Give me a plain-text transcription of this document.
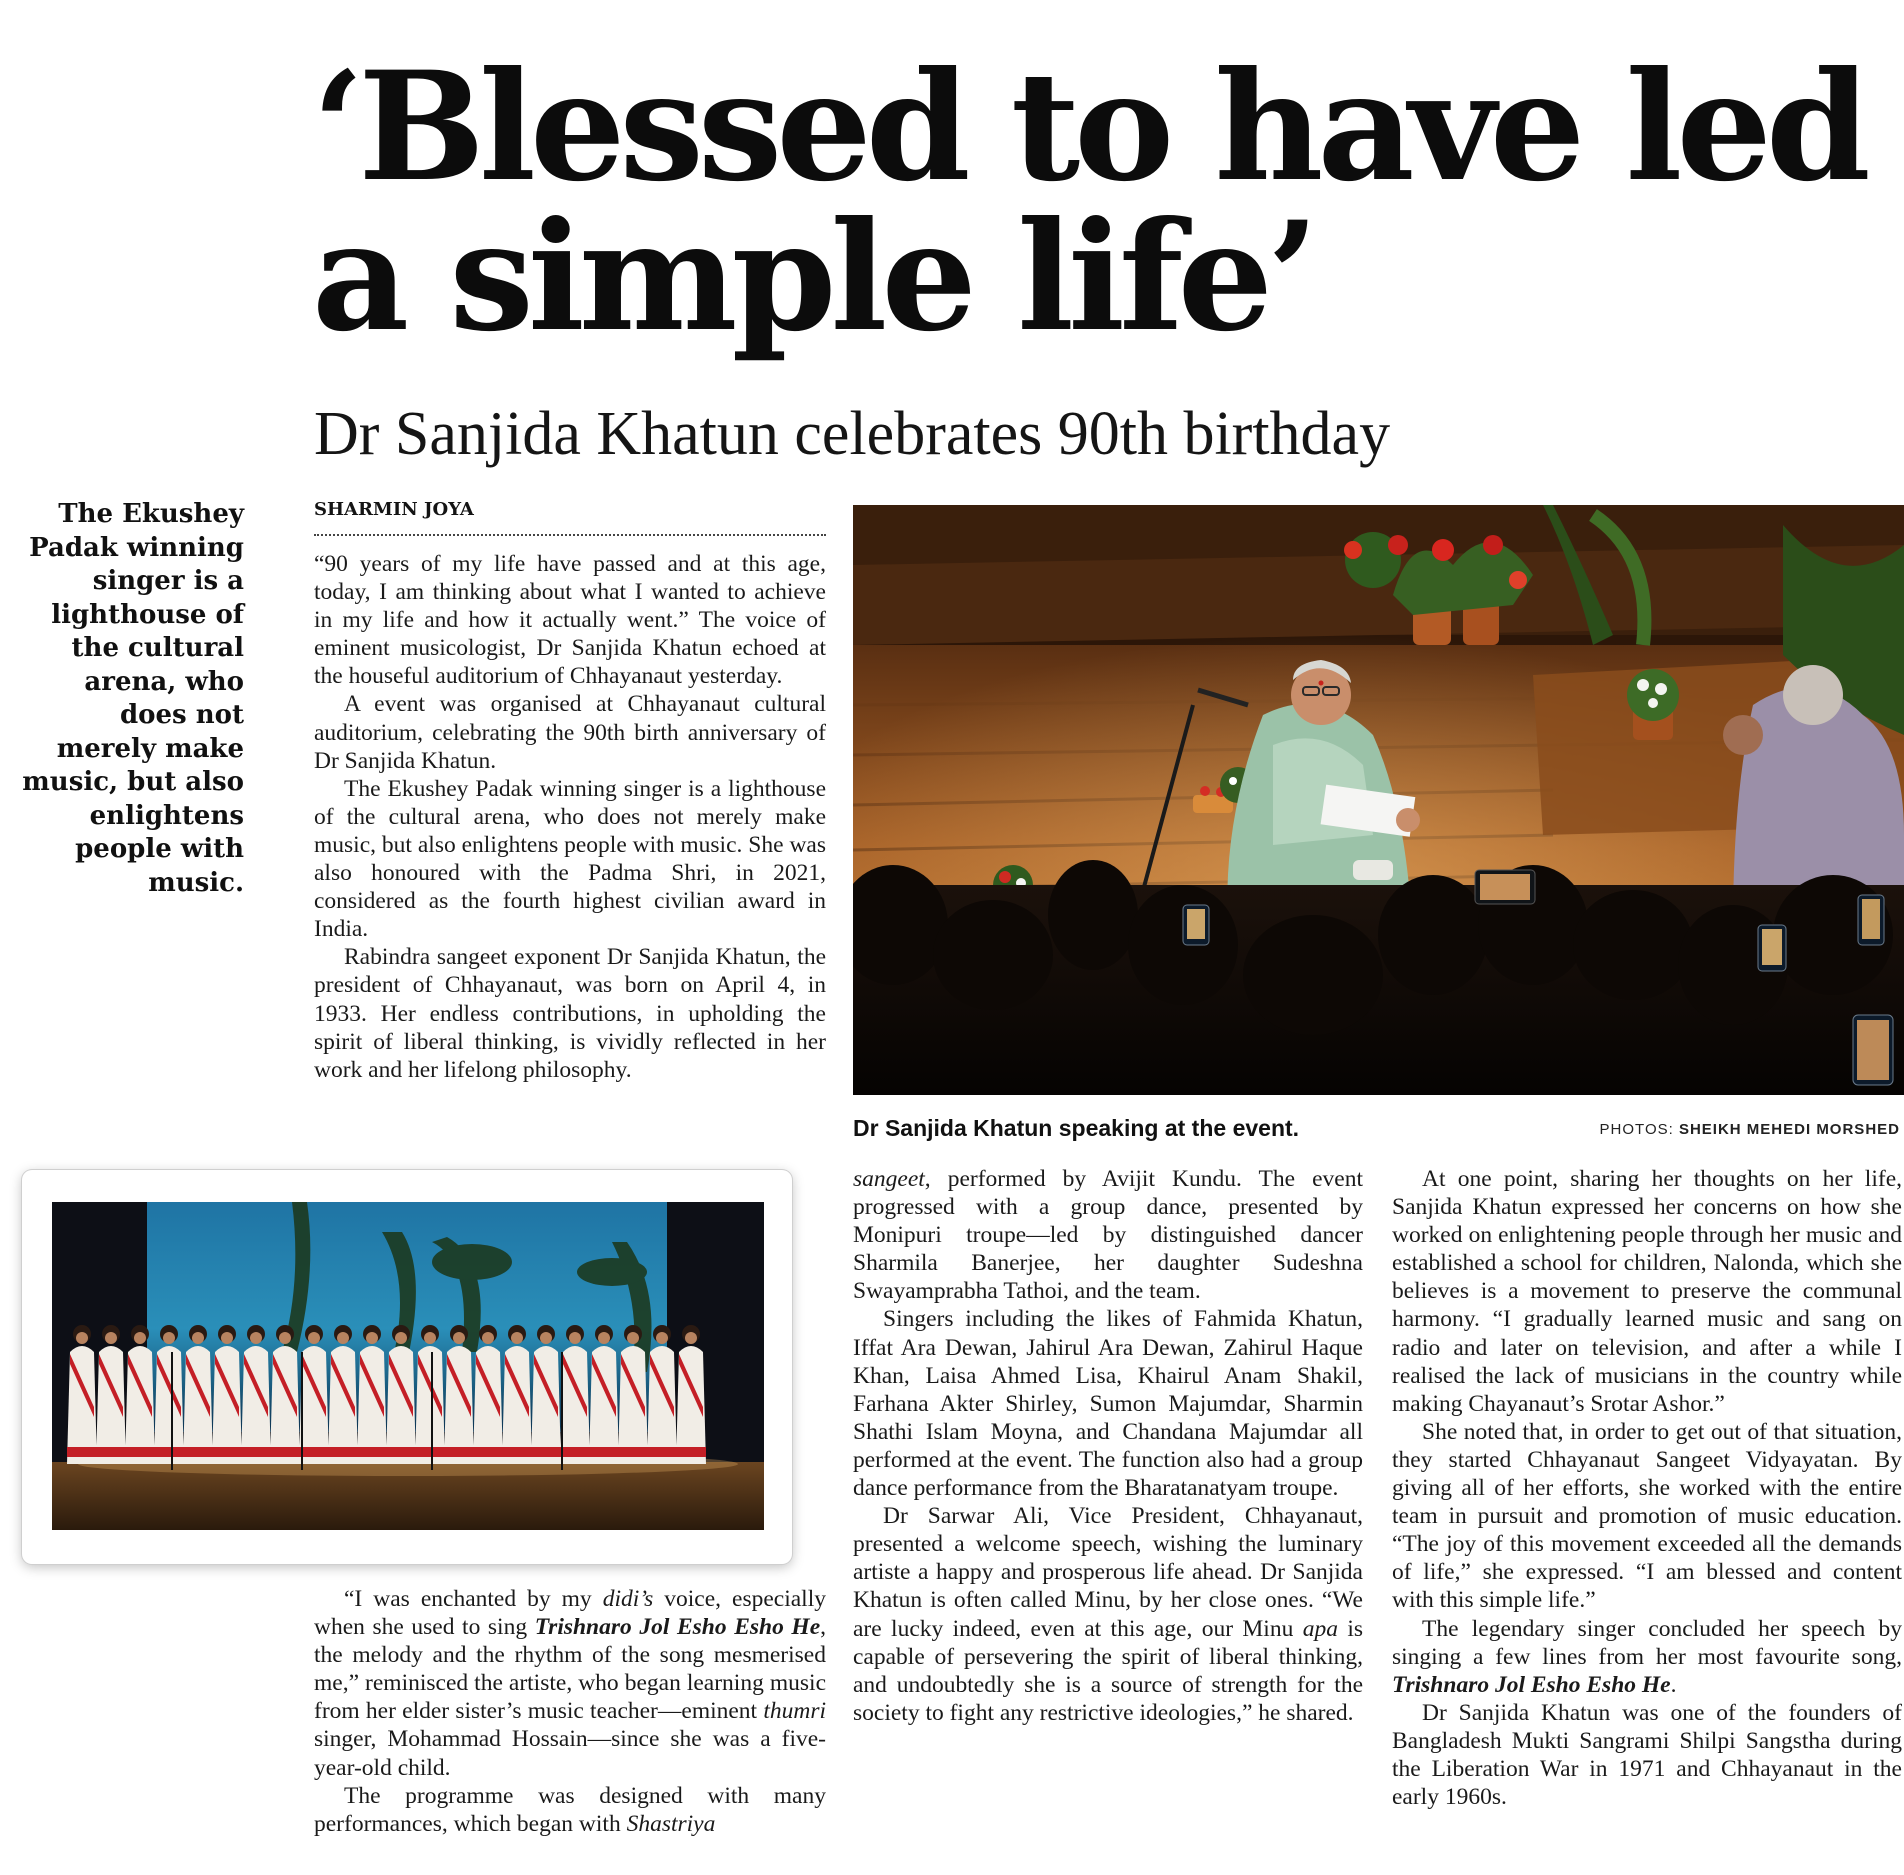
‘Blessed to have led
a simple life’
Dr Sanjida Khatun celebrates 90th birthday

The Ekushey Padak winning singer is a lighthouse of the cultural arena, who does not merely make music, but also enlightens people with music.

SHARMIN JOYA

“90 years of my life have passed and at this age, today, I am thinking about what I wanted to achieve in my life and how it actually went.” The voice of eminent musicologist, Dr Sanjida Khatun echoed at the houseful auditorium of Chhayanaut yesterday.

A event was organised at Chhayanaut cultural auditorium, celebrating the 90th birth anniversary of Dr Sanjida Khatun.

The Ekushey Padak winning singer is a lighthouse of the cultural arena, who does not merely make music, but also enlightens people with music. She was also honoured with the Padma Shri, in 2021, considered as the fourth highest civilian award in India.

Rabindra sangeet exponent Dr Sanjida Khatun, the president of Chhayanaut, was born on April 4, in 1933. Her endless contributions, in upholding the spirit of liberal thinking, is vividly reflected in her work and her lifelong philosophy.

Dr Sanjida Khatun speaking at the event.	PHOTOS: SHEIKH MEHEDI MORSHED

“I was enchanted by my didi’s voice, especially when she used to sing Trishnaro Jol Esho Esho He, the melody and the rhythm of the song mesmerised me,” reminisced the artiste, who began learning music from her elder sister’s music teacher—eminent thumri singer, Mohammad Hossain—since she was a five-year-old child.

The programme was designed with many performances, which began with Shastriya

sangeet, performed by Avijit Kundu. The event progressed with a group dance, presented by Monipuri troupe—led by distinguished dancer Sharmila Banerjee, her daughter Sudeshna Swayamprabha Tathoi, and the team.

Singers including the likes of Fahmida Khatun, Iffat Ara Dewan, Jahirul Ara Dewan, Zahirul Haque Khan, Laisa Ahmed Lisa, Khairul Anam Shakil, Farhana Akter Shirley, Sumon Majumdar, Sharmin Shathi Islam Moyna, and Chandana Majumdar all performed at the event. The function also had a group dance performance from the Bharatanatyam troupe.

Dr Sarwar Ali, Vice President, Chhayanaut, presented a welcome speech, wishing the luminary artiste a happy and prosperous life ahead. Dr Sanjida Khatun is often called Minu, by her close ones. “We are lucky indeed, even at this age, our Minu apa is capable of persevering the spirit of liberal thinking, and undoubtedly she is a source of strength for the society to fight any restrictive ideologies,” he shared.

At one point, sharing her thoughts on her life, Sanjida Khatun expressed her concerns on how she worked on enlightening people through her music and established a school for children, Nalonda, which she believes is a movement to preserve the communal harmony. “I gradually learned music and sang on radio and later on television, and after a while I realised the lack of musicians in the country while making Chayanaut’s Srotar Ashor.”

She noted that, in order to get out of that situation, they started Chhayanaut Sangeet Vidyayatan. By giving all of her efforts, she worked with the entire team in pursuit and promotion of music education. “The joy of this movement exceeded all the demands of life,” she expressed. “I am blessed and content with this simple life.”

The legendary singer concluded her speech by singing a few lines from her most favourite song, Trishnaro Jol Esho Esho He.

Dr Sanjida Khatun was one of the founders of Bangladesh Mukti Sangrami Shilpi Sangstha during the Liberation War in 1971 and Chhayanaut in the early 1960s.
